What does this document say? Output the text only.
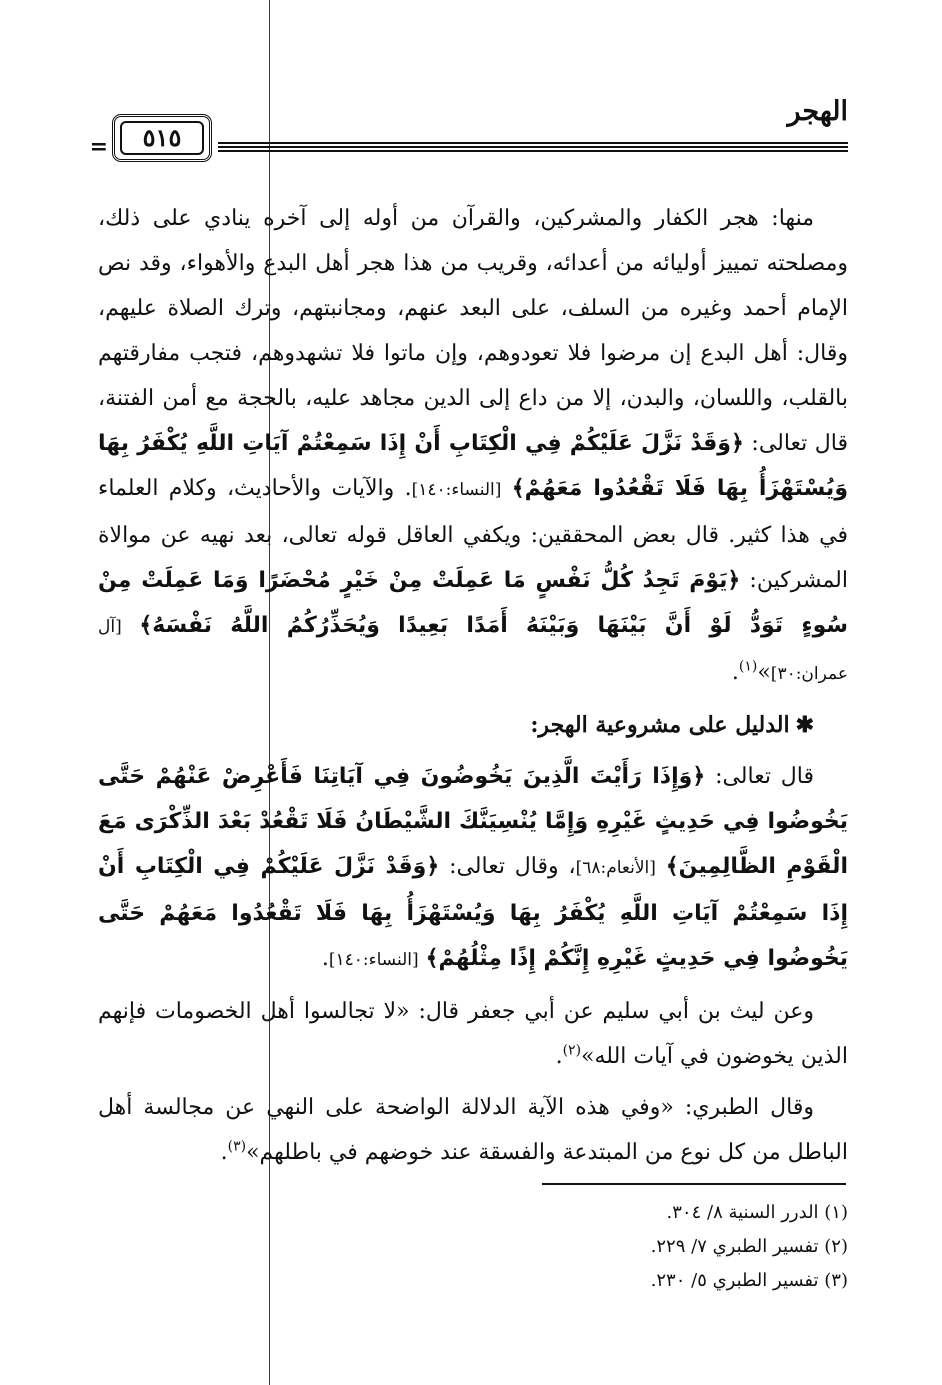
الهجر
٥١٥
=

منها: هجر الكفار والمشركين، والقرآن من أوله إلى آخره ينادي على ذلك، ومصلحته تمييز أوليائه من أعدائه، وقريب من هذا هجر أهل البدع والأهواء، وقد نص الإمام أحمد وغيره من السلف، على البعد عنهم، ومجانبتهم، وترك الصلاة عليهم، وقال: أهل البدع إن مرضوا فلا تعودوهم، وإن ماتوا فلا تشهدوهم، فتجب مفارقتهم بالقلب، واللسان، والبدن، إلا من داع إلى الدين مجاهد عليه، بالحجة مع أمن الفتنة، قال تعالى: ﴿وَقَدْ نَزَّلَ عَلَيْكُمْ فِي الْكِتَابِ أَنْ إِذَا سَمِعْتُمْ آيَاتِ اللَّهِ يُكْفَرُ بِهَا وَيُسْتَهْزَأُ بِهَا فَلَا تَقْعُدُوا مَعَهُمْ﴾ [النساء:١٤٠]. والآيات والأحاديث، وكلام العلماء في هذا كثير. قال بعض المحققين: ويكفي العاقل قوله تعالى، بعد نهيه عن موالاة المشركين: ﴿يَوْمَ تَجِدُ كُلُّ نَفْسٍ مَا عَمِلَتْ مِنْ خَيْرٍ مُحْضَرًا وَمَا عَمِلَتْ مِنْ سُوءٍ تَوَدُّ لَوْ أَنَّ بَيْنَهَا وَبَيْنَهُ أَمَدًا بَعِيدًا وَيُحَذِّرُكُمُ اللَّهُ نَفْسَهُ﴾ [آل عمران:٣٠]»$^{(١)}$.

✱الدليل على مشروعية الهجر:

قال تعالى: ﴿وَإِذَا رَأَيْتَ الَّذِينَ يَخُوضُونَ فِي آيَاتِنَا فَأَعْرِضْ عَنْهُمْ حَتَّى يَخُوضُوا فِي حَدِيثٍ غَيْرِهِ وَإِمَّا يُنْسِيَنَّكَ الشَّيْطَانُ فَلَا تَقْعُدْ بَعْدَ الذِّكْرَى مَعَ الْقَوْمِ الظَّالِمِينَ﴾ [الأنعام:٦٨]، وقال تعالى: ﴿وَقَدْ نَزَّلَ عَلَيْكُمْ فِي الْكِتَابِ أَنْ إِذَا سَمِعْتُمْ آيَاتِ اللَّهِ يُكْفَرُ بِهَا وَيُسْتَهْزَأُ بِهَا فَلَا تَقْعُدُوا مَعَهُمْ حَتَّى يَخُوضُوا فِي حَدِيثٍ غَيْرِهِ إِنَّكُمْ إِذًا مِثْلُهُمْ﴾ [النساء:١٤٠].

وعن ليث بن أبي سليم عن أبي جعفر قال: «لا تجالسوا أهل الخصومات فإنهم الذين يخوضون في آيات الله»$^{(٢)}$.

وقال الطبري: «وفي هذه الآية الدلالة الواضحة على النهي عن مجالسة أهل الباطل من كل نوع من المبتدعة والفسقة عند خوضهم في باطلهم»$^{(٣)}$.

(١) الدرر السنية ٨/ ٣٠٤.
(٢) تفسير الطبري ٧/ ٢٢٩.
(٣) تفسير الطبري ٥/ ٢٣٠.
